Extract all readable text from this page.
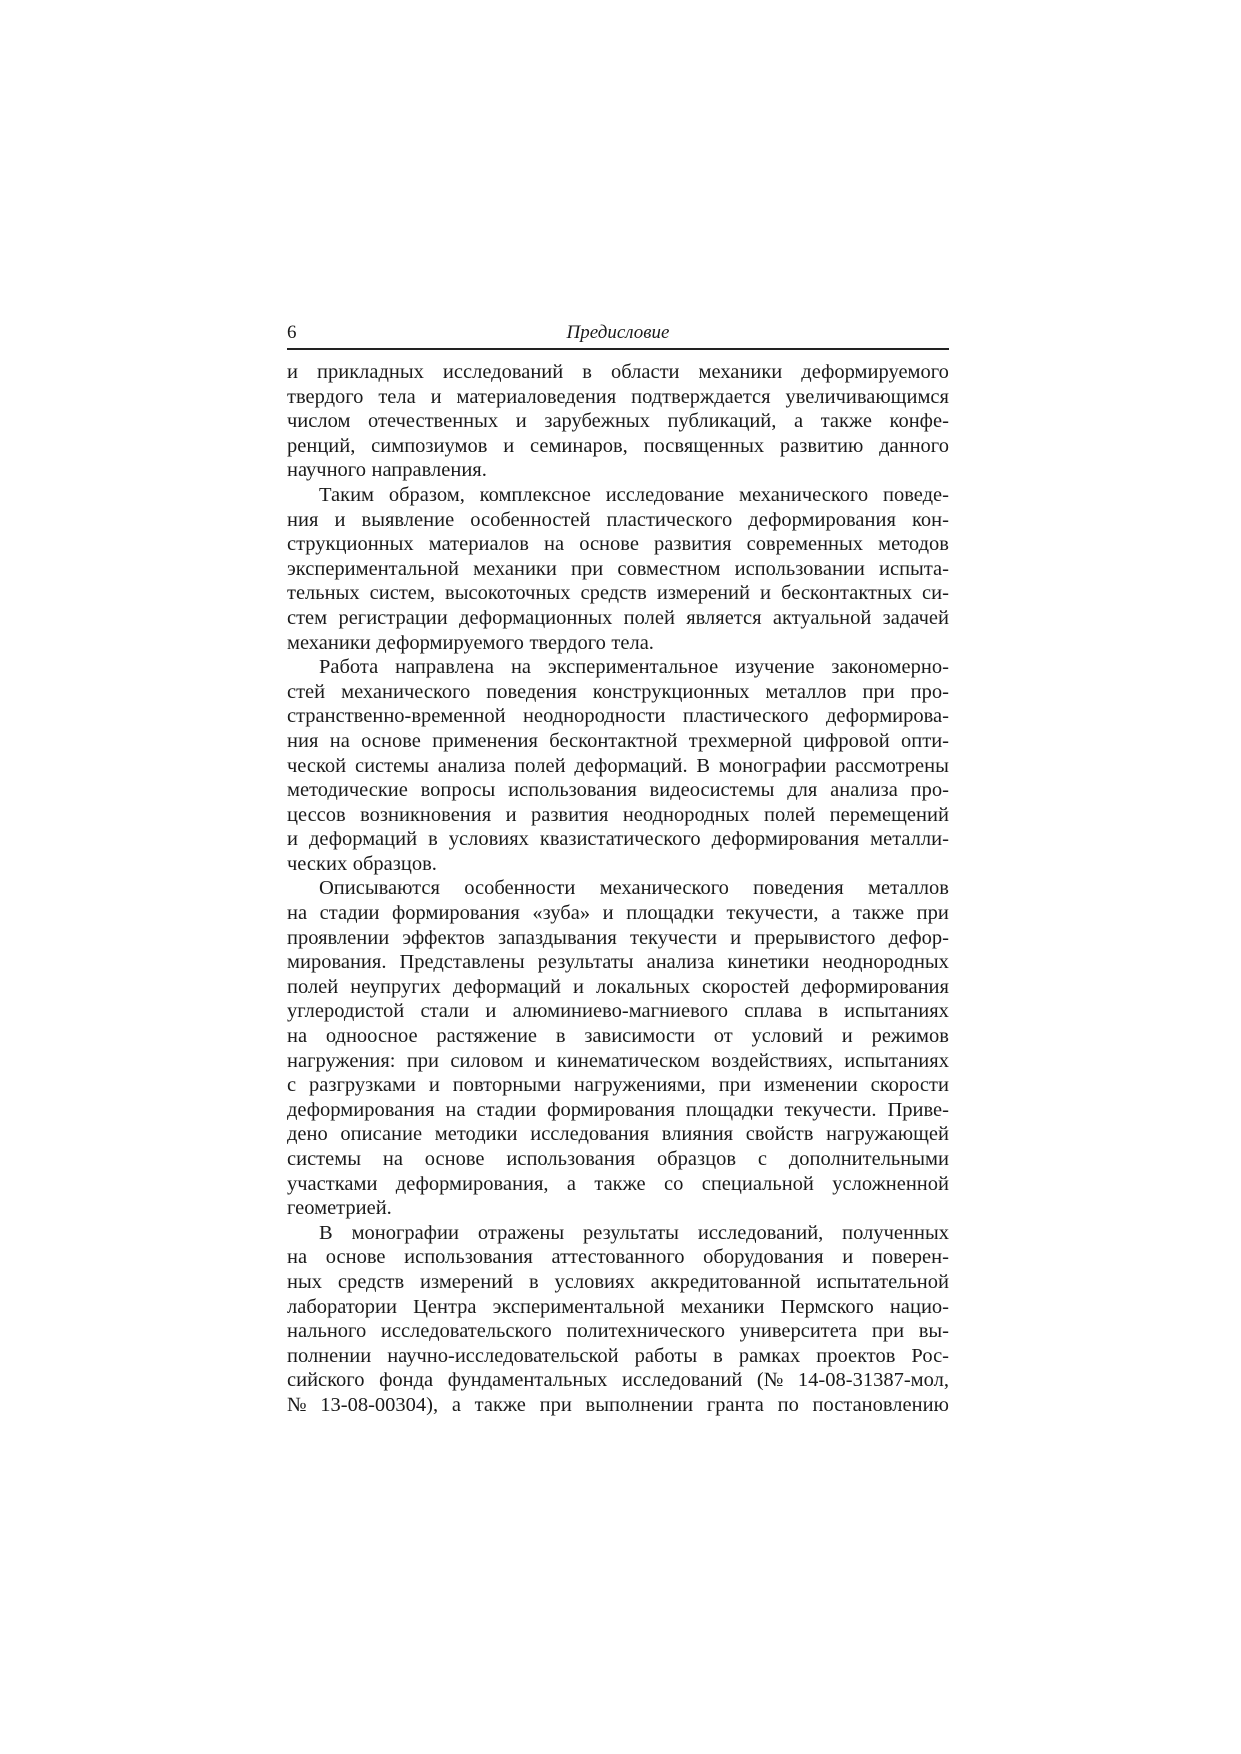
6	Предисловие
и прикладных исследований в области механики деформируемого
твердого тела и материаловедения подтверждается увеличивающимся
числом отечественных и зарубежных публикаций, а также конфе-
ренций, симпозиумов и семинаров, посвященных развитию данного
научного направления.
Таким образом, комплексное исследование механического поведе-
ния и выявление особенностей пластического деформирования кон-
струкционных материалов на основе развития современных методов
экспериментальной механики при совместном использовании испыта-
тельных систем, высокоточных средств измерений и бесконтактных си-
стем регистрации деформационных полей является актуальной задачей
механики деформируемого твердого тела.
Работа направлена на экспериментальное изучение закономерно-
стей механического поведения конструкционных металлов при про-
странственно-временной неоднородности пластического деформирова-
ния на основе применения бесконтактной трехмерной цифровой опти-
ческой системы анализа полей деформаций. В монографии рассмотрены
методические вопросы использования видеосистемы для анализа про-
цессов возникновения и развития неоднородных полей перемещений
и деформаций в условиях квазистатического деформирования металли-
ческих образцов.
Описываются особенности механического поведения металлов
на стадии формирования «зуба» и площадки текучести, а также при
проявлении эффектов запаздывания текучести и прерывистого дефор-
мирования. Представлены результаты анализа кинетики неоднородных
полей неупругих деформаций и локальных скоростей деформирования
углеродистой стали и алюминиево-магниевого сплава в испытаниях
на одноосное растяжение в зависимости от условий и режимов
нагружения: при силовом и кинематическом воздействиях, испытаниях
с разгрузками и повторными нагружениями, при изменении скорости
деформирования на стадии формирования площадки текучести. Приве-
дено описание методики исследования влияния свойств нагружающей
системы на основе использования образцов с дополнительными
участками деформирования, а также со специальной усложненной
геометрией.
В монографии отражены результаты исследований, полученных
на основе использования аттестованного оборудования и поверен-
ных средств измерений в условиях аккредитованной испытательной
лаборатории Центра экспериментальной механики Пермского нацио-
нального исследовательского политехнического университета при вы-
полнении научно-исследовательской работы в рамках проектов Рос-
сийского фонда фундаментальных исследований (№ 14-08-31387-мол,
№ 13-08-00304), а также при выполнении гранта по постановлению
